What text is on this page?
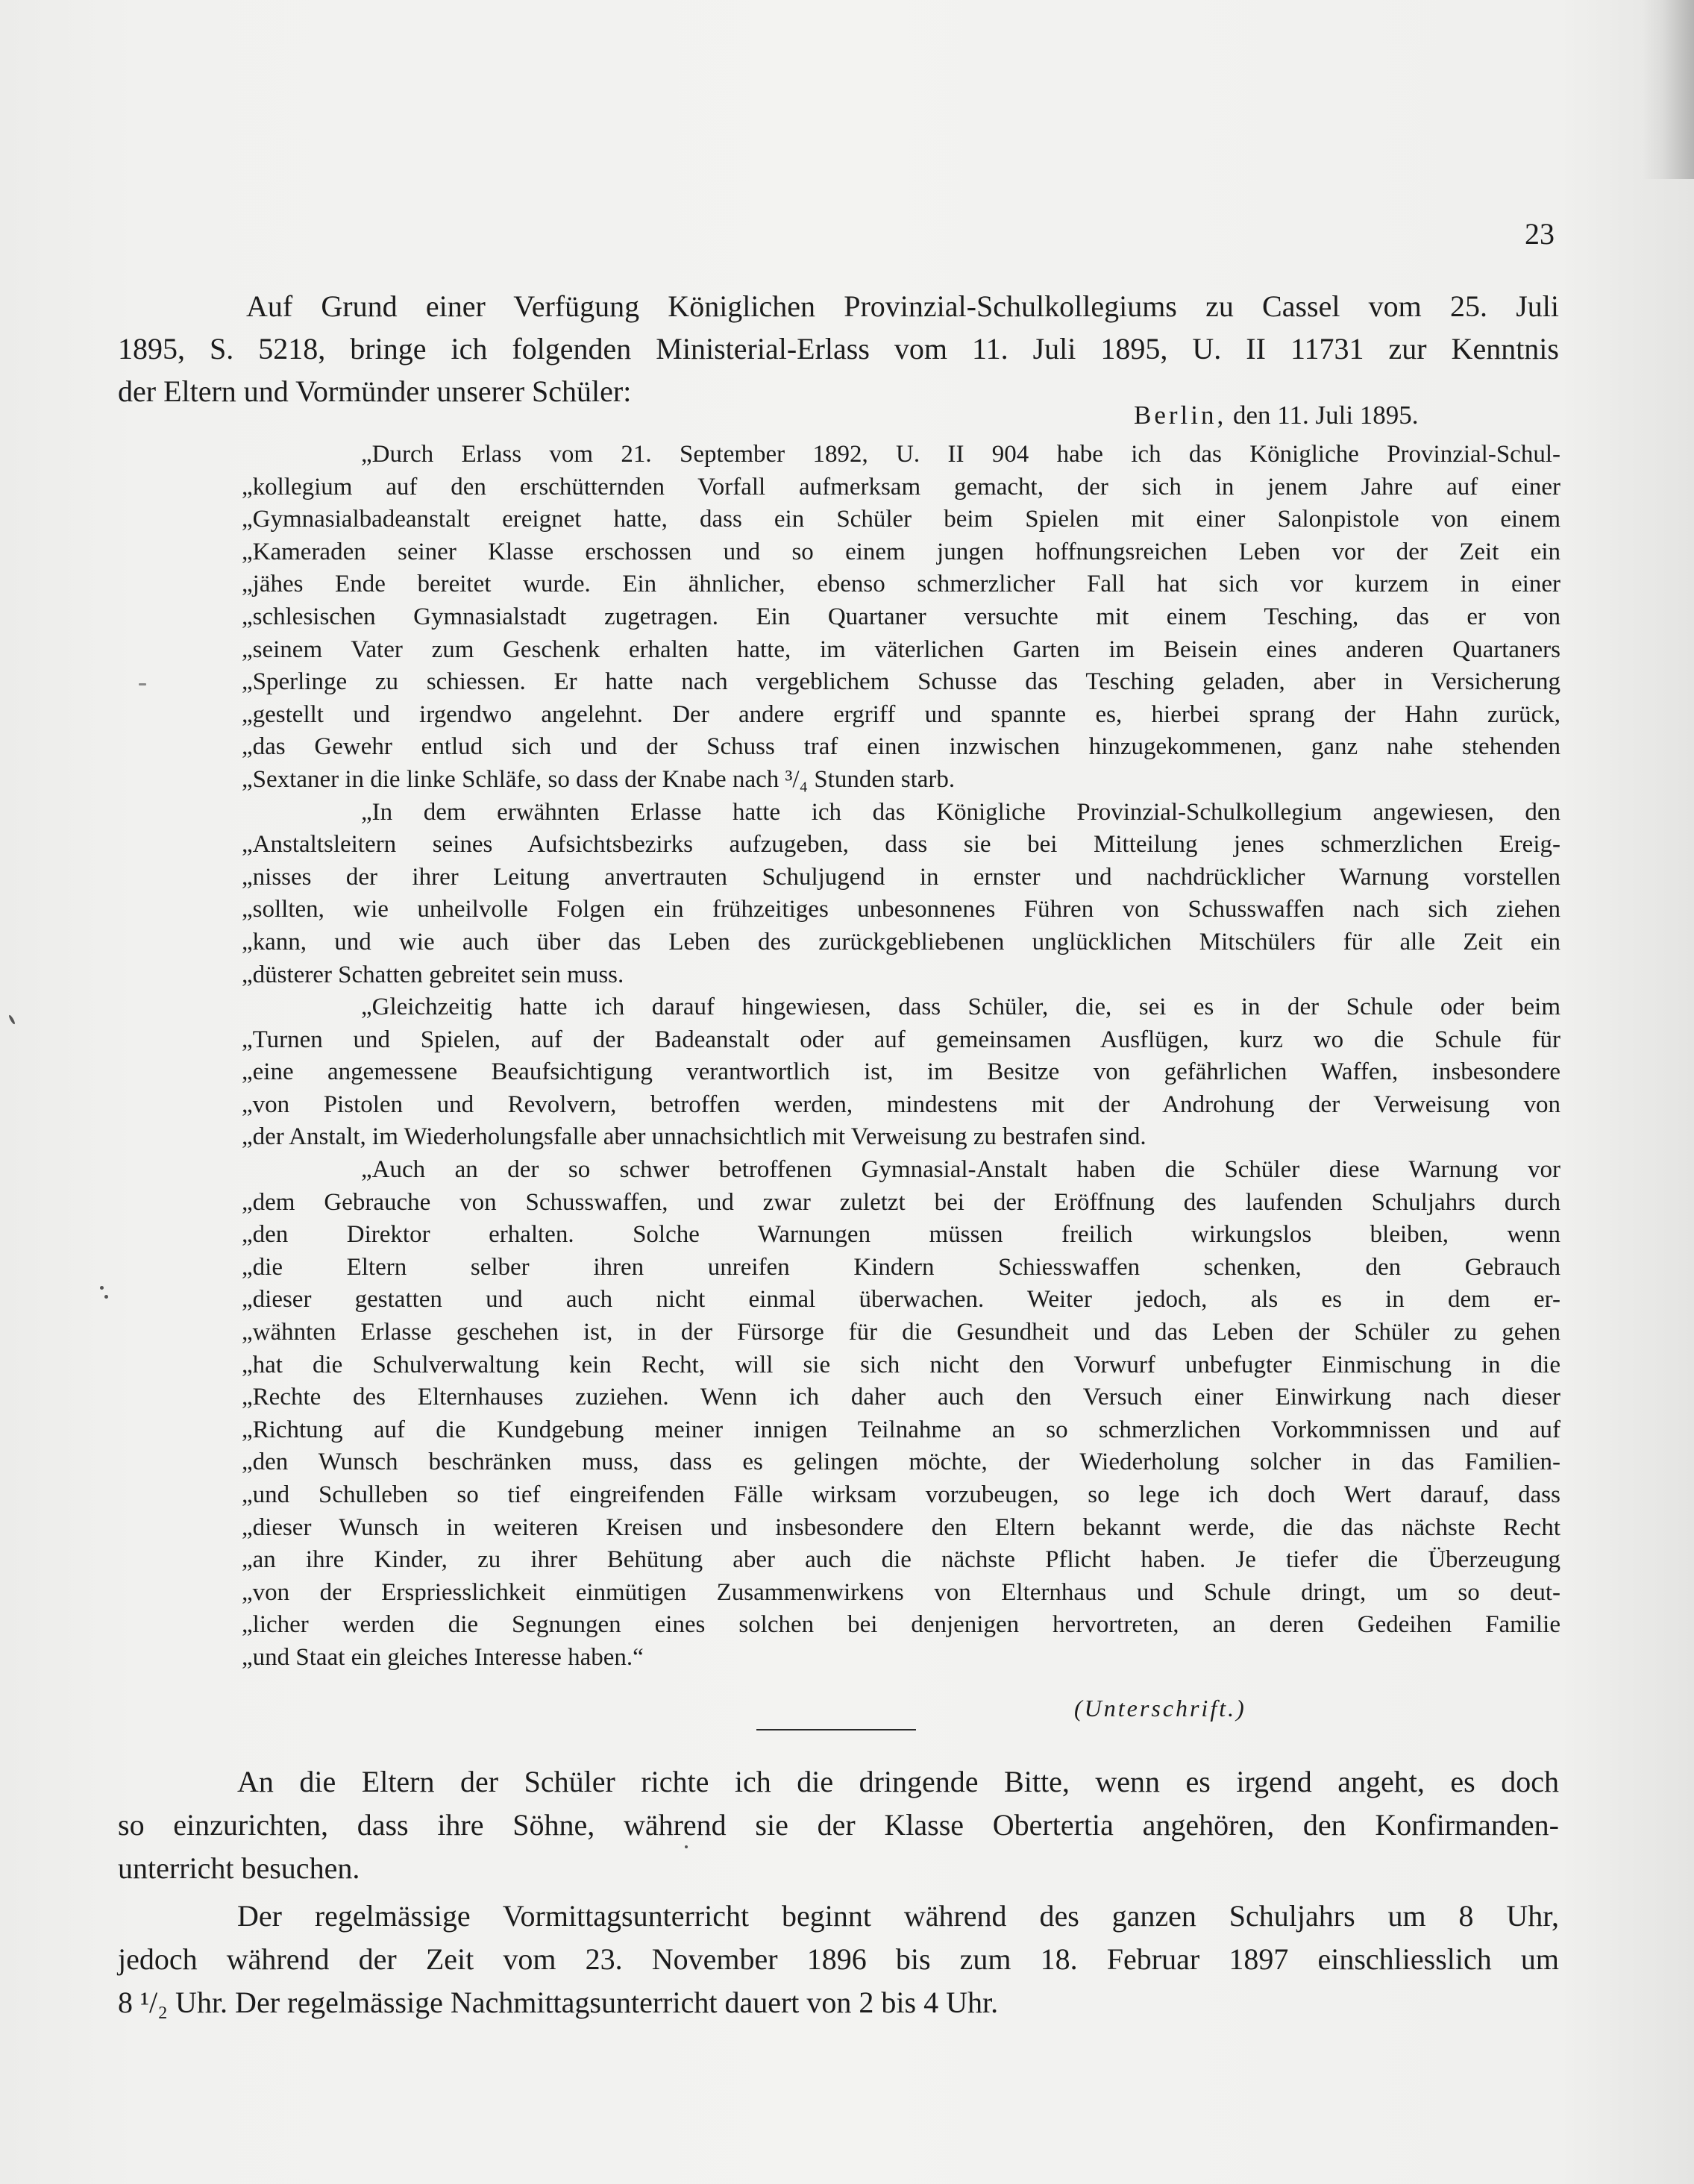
23

Auf Grund einer Verfügung Königlichen Provinzial-Schulkollegiums zu Cassel vom 25. Juli
1895, S. 5218, bringe ich folgenden Ministerial-Erlass vom 11. Juli 1895, U. II 11731 zur Kenntnis
der Eltern und Vormünder unserer Schüler:

Berlin, den 11. Juli 1895.

„Durch Erlass vom 21. September 1892, U. II 904 habe ich das Königliche Provinzial-Schul-
„kollegium auf den erschütternden Vorfall aufmerksam gemacht, der sich in jenem Jahre auf einer
„Gymnasialbadeanstalt ereignet hatte, dass ein Schüler beim Spielen mit einer Salonpistole von einem
„Kameraden seiner Klasse erschossen und so einem jungen hoffnungsreichen Leben vor der Zeit ein
„jähes Ende bereitet wurde. Ein ähnlicher, ebenso schmerzlicher Fall hat sich vor kurzem in einer
„schlesischen Gymnasialstadt zugetragen. Ein Quartaner versuchte mit einem Tesching, das er von
„seinem Vater zum Geschenk erhalten hatte, im väterlichen Garten im Beisein eines anderen Quartaners
„Sperlinge zu schiessen. Er hatte nach vergeblichem Schusse das Tesching geladen, aber in Versicherung
„gestellt und irgendwo angelehnt. Der andere ergriff und spannte es, hierbei sprang der Hahn zurück,
„das Gewehr entlud sich und der Schuss traf einen inzwischen hinzugekommenen, ganz nahe stehenden
„Sextaner in die linke Schläfe, so dass der Knabe nach ³/₄ Stunden starb.

„In dem erwähnten Erlasse hatte ich das Königliche Provinzial-Schulkollegium angewiesen, den
„Anstaltsleitern seines Aufsichtsbezirks aufzugeben, dass sie bei Mitteilung jenes schmerzlichen Ereig-
„nisses der ihrer Leitung anvertrauten Schuljugend in ernster und nachdrücklicher Warnung vorstellen
„sollten, wie unheilvolle Folgen ein frühzeitiges unbesonnenes Führen von Schusswaffen nach sich ziehen
„kann, und wie auch über das Leben des zurückgebliebenen unglücklichen Mitschülers für alle Zeit ein
„düsterer Schatten gebreitet sein muss.

„Gleichzeitig hatte ich darauf hingewiesen, dass Schüler, die, sei es in der Schule oder beim
„Turnen und Spielen, auf der Badeanstalt oder auf gemeinsamen Ausflügen, kurz wo die Schule für
„eine angemessene Beaufsichtigung verantwortlich ist, im Besitze von gefährlichen Waffen, insbesondere
„von Pistolen und Revolvern, betroffen werden, mindestens mit der Androhung der Verweisung von
„der Anstalt, im Wiederholungsfalle aber unnachsichtlich mit Verweisung zu bestrafen sind.

„Auch an der so schwer betroffenen Gymnasial-Anstalt haben die Schüler diese Warnung vor
„dem Gebrauche von Schusswaffen, und zwar zuletzt bei der Eröffnung des laufenden Schuljahrs durch
„den Direktor erhalten. Solche Warnungen müssen freilich wirkungslos bleiben, wenn
„die Eltern selber ihren unreifen Kindern Schiesswaffen schenken, den Gebrauch
„dieser gestatten und auch nicht einmal überwachen. Weiter jedoch, als es in dem er-
„wähnten Erlasse geschehen ist, in der Fürsorge für die Gesundheit und das Leben der Schüler zu gehen
„hat die Schulverwaltung kein Recht, will sie sich nicht den Vorwurf unbefugter Einmischung in die
„Rechte des Elternhauses zuziehen. Wenn ich daher auch den Versuch einer Einwirkung nach dieser
„Richtung auf die Kundgebung meiner innigen Teilnahme an so schmerzlichen Vorkommnissen und auf
„den Wunsch beschränken muss, dass es gelingen möchte, der Wiederholung solcher in das Familien-
„und Schulleben so tief eingreifenden Fälle wirksam vorzubeugen, so lege ich doch Wert darauf, dass
„dieser Wunsch in weiteren Kreisen und insbesondere den Eltern bekannt werde, die das nächste Recht
„an ihre Kinder, zu ihrer Behütung aber auch die nächste Pflicht haben. Je tiefer die Überzeugung
„von der Erspriesslichkeit einmütigen Zusammenwirkens von Elternhaus und Schule dringt, um so deut-
„licher werden die Segnungen eines solchen bei denjenigen hervortreten, an deren Gedeihen Familie
„und Staat ein gleiches Interesse haben.“

(Unterschrift.)

An die Eltern der Schüler richte ich die dringende Bitte, wenn es irgend angeht, es doch
so einzurichten, dass ihre Söhne, während sie der Klasse Obertertia angehören, den Konfirmanden-
unterricht besuchen.

Der regelmässige Vormittagsunterricht beginnt während des ganzen Schuljahrs um 8 Uhr,
jedoch während der Zeit vom 23. November 1896 bis zum 18. Februar 1897 einschliesslich um
8 ¹/₂ Uhr. Der regelmässige Nachmittagsunterricht dauert von 2 bis 4 Uhr.
